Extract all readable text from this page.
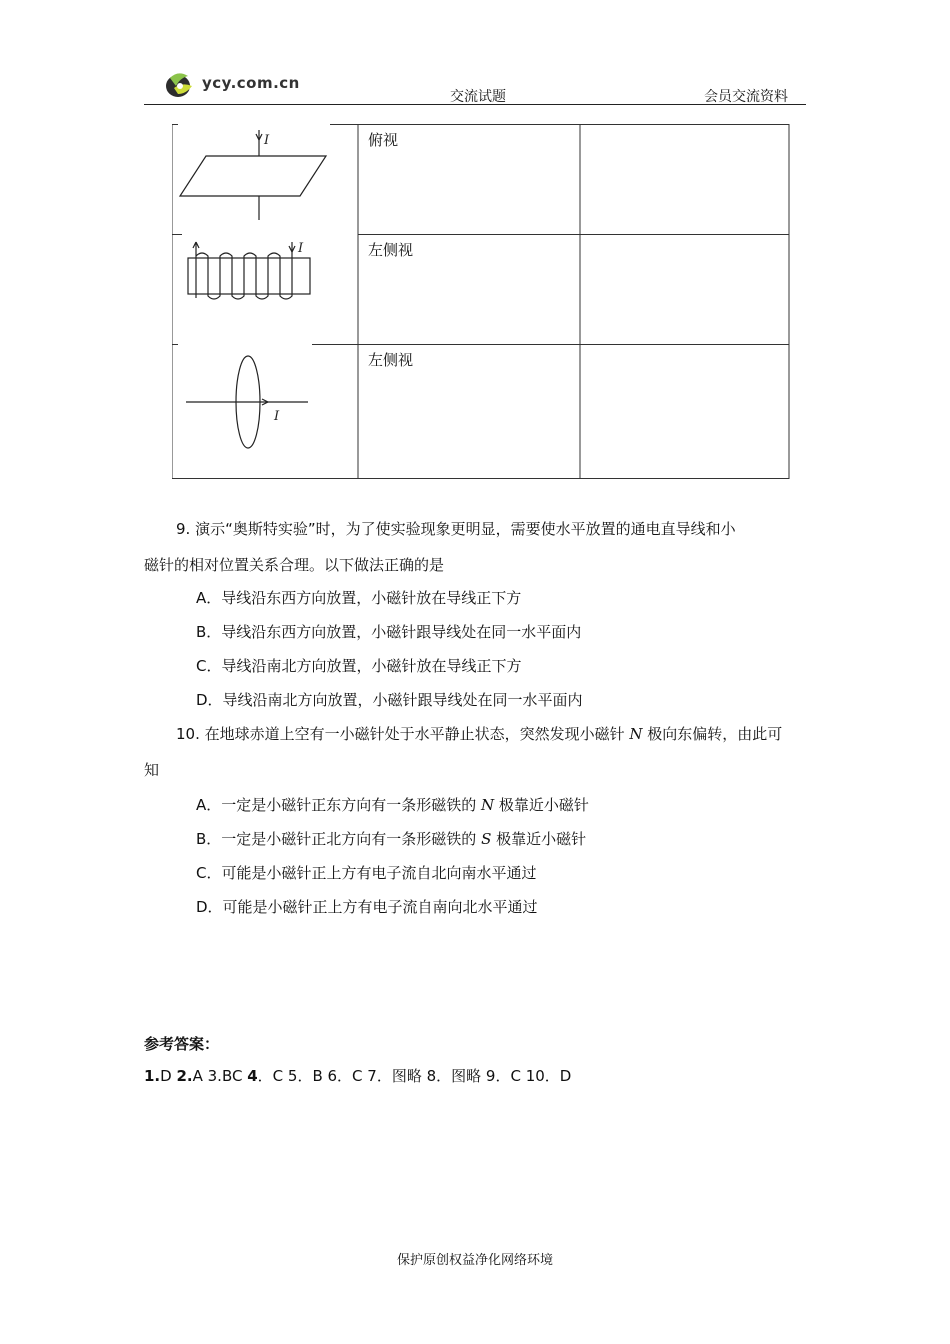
ycy.com.cn
交流试题	会员交流资料
I
I
I
俯视
左侧视
左侧视
9. 演示“奥斯特实验”时，为了使实验现象更明显，需要使水平放置的通电直导线和小
磁针的相对位置关系合理。以下做法正确的是
A．导线沿东西方向放置，小磁针放在导线正下方
B．导线沿东西方向放置，小磁针跟导线处在同一水平面内
C．导线沿南北方向放置，小磁针放在导线正下方
D．导线沿南北方向放置，小磁针跟导线处在同一水平面内
10. 在地球赤道上空有一小磁针处于水平静止状态，突然发现小磁针 N 极向东偏转，由此可
知
A．一定是小磁针正东方向有一条形磁铁的 N 极靠近小磁针
B．一定是小磁针正北方向有一条形磁铁的 S 极靠近小磁针
C．可能是小磁针正上方有电子流自北向南水平通过
D．可能是小磁针正上方有电子流自南向北水平通过
参考答案：
1.D 2.A 3.BC 4．C 5．B 6．C 7．图略 8．图略 9．C 10．D
保护原创权益净化网络环境
